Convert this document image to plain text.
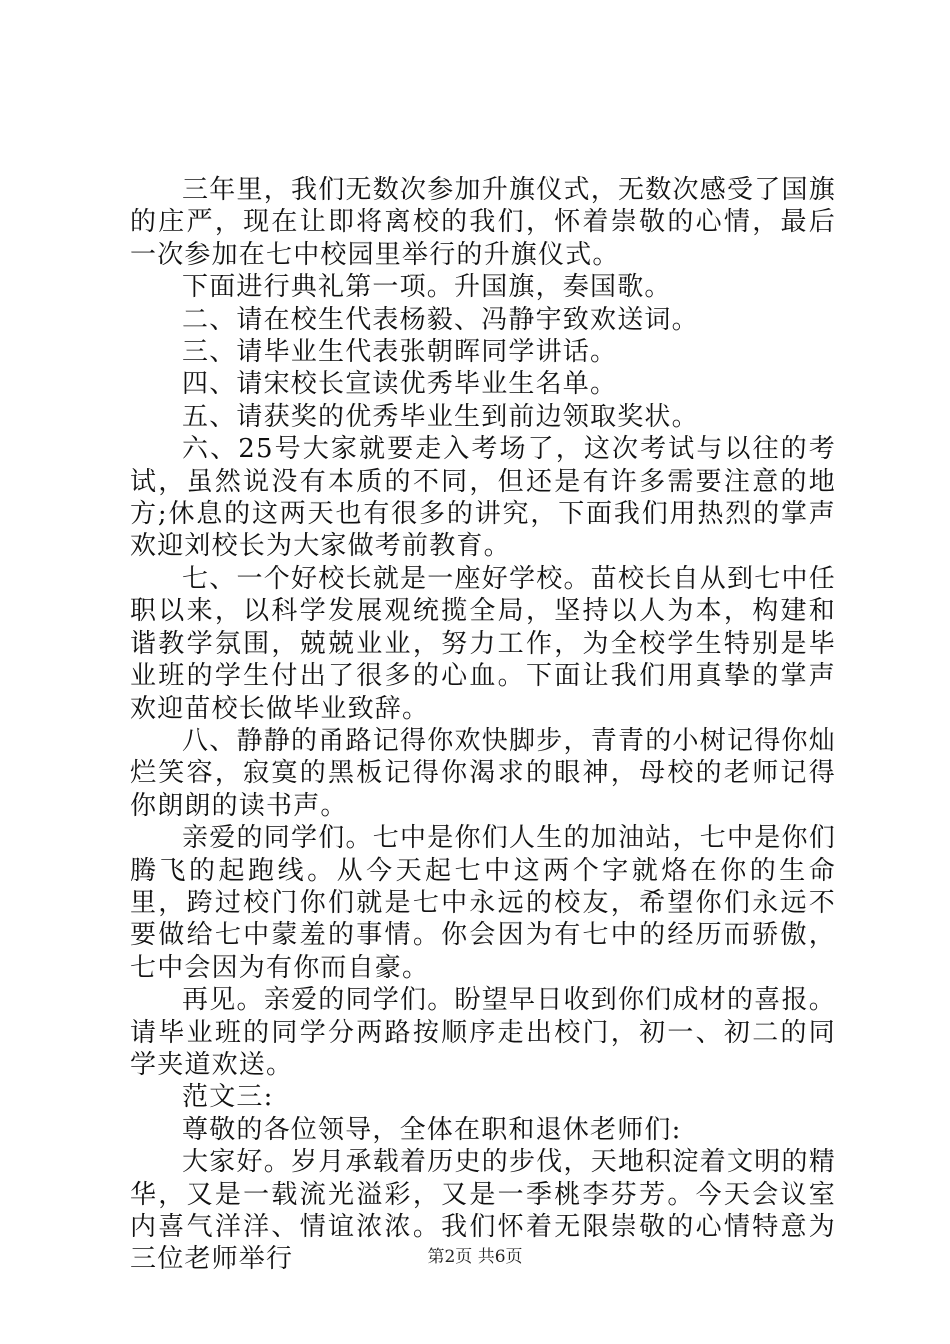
三年里，我们无数次参加升旗仪式，无数次感受了国旗的庄严，现在让即将离校的我们，怀着崇敬的心情，最后一次参加在七中校园里举行的升旗仪式。

下面进行典礼第一项。升国旗，奏国歌。

二、请在校生代表杨毅、冯静宇致欢送词。

三、请毕业生代表张朝晖同学讲话。

四、请宋校长宣读优秀毕业生名单。

五、请获奖的优秀毕业生到前边领取奖状。

六、25号大家就要走入考场了，这次考试与以往的考试，虽然说没有本质的不同，但还是有许多需要注意的地方;休息的这两天也有很多的讲究，下面我们用热烈的掌声欢迎刘校长为大家做考前教育。

七、一个好校长就是一座好学校。苗校长自从到七中任职以来，以科学发展观统揽全局，坚持以人为本，构建和谐教学氛围，兢兢业业，努力工作，为全校学生特别是毕业班的学生付出了很多的心血。下面让我们用真挚的掌声欢迎苗校长做毕业致辞。

八、静静的甬路记得你欢快脚步，青青的小树记得你灿烂笑容，寂寞的黑板记得你渴求的眼神，母校的老师记得你朗朗的读书声。

亲爱的同学们。七中是你们人生的加油站，七中是你们腾飞的起跑线。从今天起七中这两个字就烙在你的生命里，跨过校门你们就是七中永远的校友，希望你们永远不要做给七中蒙羞的事情。你会因为有七中的经历而骄傲，七中会因为有你而自豪。

再见。亲爱的同学们。盼望早日收到你们成材的喜报。请毕业班的同学分两路按顺序走出校门，初一、初二的同学夹道欢送。

范文三:

尊敬的各位领导，全体在职和退休老师们:

大家好。岁月承载着历史的步伐，天地积淀着文明的精华，又是一载流光溢彩，又是一季桃李芬芳。今天会议室内喜气洋洋、情谊浓浓。我们怀着无限崇敬的心情特意为三位老师举行	第2页 共6页
